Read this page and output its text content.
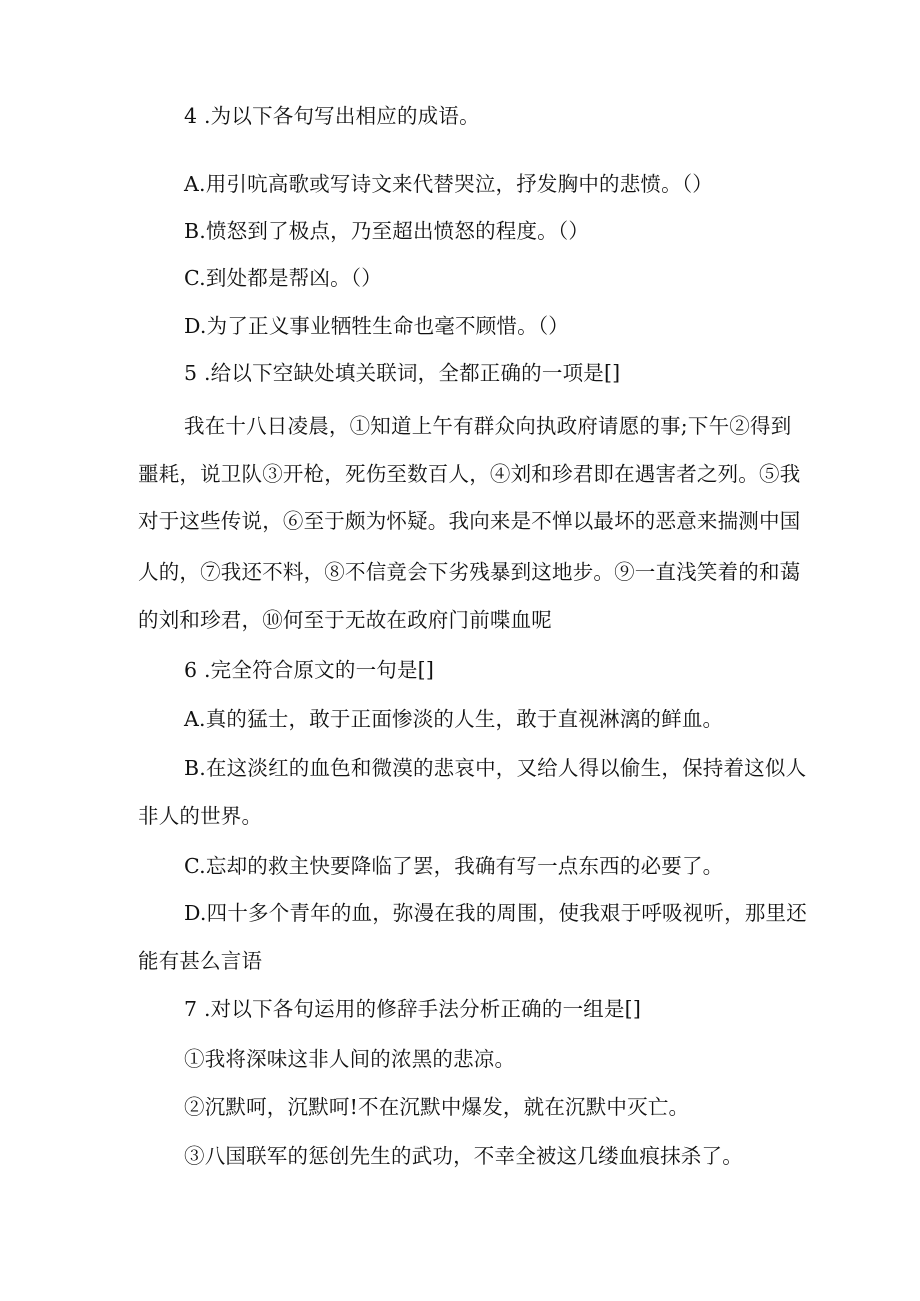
4 .为以下各句写出相应的成语。
A.用引吭高歌或写诗文来代替哭泣，抒发胸中的悲愤。（）
B.愤怒到了极点，乃至超出愤怒的程度。（）
C.到处都是帮凶。（）
D.为了正义事业牺牲生命也毫不顾惜。（）
5 .给以下空缺处填关联词，全都正确的一项是[]
我在十八日凌晨，①知道上午有群众向执政府请愿的事;下午②得到
噩耗，说卫队③开枪，死伤至数百人，④刘和珍君即在遇害者之列。⑤我
对于这些传说，⑥至于颇为怀疑。我向来是不惮以最坏的恶意来揣测中国
人的，⑦我还不料，⑧不信竟会下劣残暴到这地步。⑨一直浅笑着的和蔼
的刘和珍君，⑩何至于无故在政府门前喋血呢
6 .完全符合原文的一句是[]
A.真的猛士，敢于正面惨淡的人生，敢于直视淋漓的鲜血。
B.在这淡红的血色和微漠的悲哀中，又给人得以偷生，保持着这似人
非人的世界。
C.忘却的救主快要降临了罢，我确有写一点东西的必要了。
D.四十多个青年的血，弥漫在我的周围，使我艰于呼吸视听，那里还
能有甚么言语
7 .对以下各句运用的修辞手法分析正确的一组是[]
①我将深味这非人间的浓黑的悲凉。
②沉默呵，沉默呵!不在沉默中爆发，就在沉默中灭亡。
③八国联军的惩创先生的武功，不幸全被这几缕血痕抹杀了。
